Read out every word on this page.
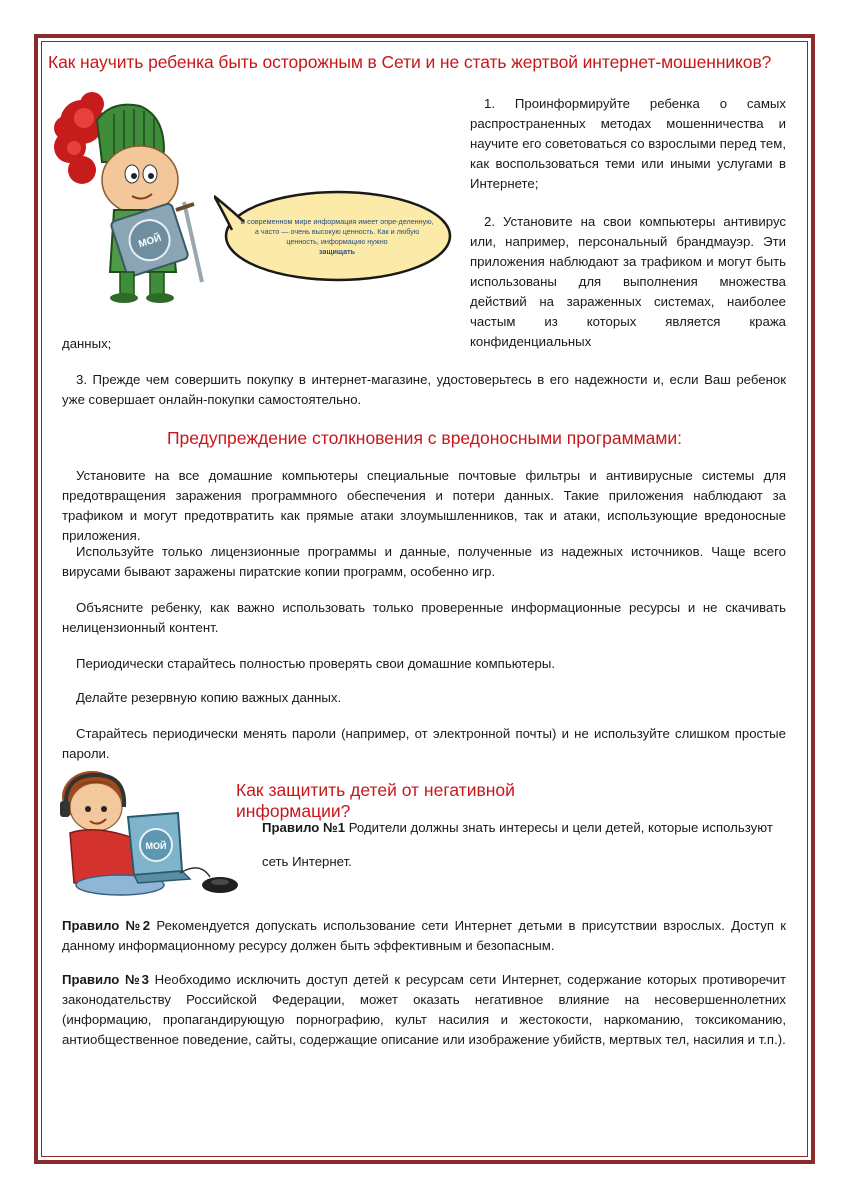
Как научить ребенка быть осторожным в Сети и не стать жертвой интернет-мошенников?
МОЙ
В современном мире информация имеет опре-деленную, а часто — очень высокую ценность. Как и любую ценность, информацию нужно
защищать

1. Проинформируйте ребенка о самых распространенных методах мошенничества и научите его советоваться со взрослыми перед тем, как воспользоваться теми или иными услугами в Интернете;

2. Установите на свои компьютеры антивирус или, например, персональный брандмауэр. Эти приложения наблюдают за трафиком и могут быть использованы для выполнения множества действий на зараженных системах, наиболее частым из которых является кража конфиденциальных

данных;

3. Прежде чем совершить покупку в интернет-магазине, удостоверьтесь в его надежности и, если Ваш ребенок уже совершает онлайн-покупки самостоятельно.

Предупреждение столкновения с вредоносными программами:

Установите на все домашние компьютеры специальные почтовые фильтры и антивирусные системы для предотвращения заражения программного обеспечения и потери данных. Такие приложения наблюдают за трафиком и могут предотвратить как прямые атаки злоумышленников, так и атаки, использующие вредоносные приложения.

Используйте только лицензионные программы и данные, полученные из надежных источников. Чаще всего вирусами бывают заражены пиратские копии программ, особенно игр.

Объясните ребенку, как важно использовать только проверенные информационные ресурсы и не скачивать нелицензионный контент.

Периодически старайтесь полностью проверять свои домашние компьютеры.

Делайте резервную копию важных данных.

Старайтесь периодически менять пароли (например, от электронной почты) и не используйте слишком простые пароли.

Как защитить детей от негативной информации?
МОЙ

Правило №1 Родители должны знать интересы и цели детей, которые используют

сеть Интернет.

Правило №2 Рекомендуется допускать использование сети Интернет детьми в присутствии взрослых. Доступ к данному информационному ресурсу должен быть эффективным и безопасным.

Правило №3 Необходимо исключить доступ детей к ресурсам сети Интернет, содержание которых противоречит законодательству Российской Федерации, может оказать негативное влияние на несовершеннолетних (информацию, пропагандирующую порнографию, культ насилия и жестокости, наркоманию, токсикоманию, антиобщественное поведение, сайты, содержащие описание или изображение убийств, мертвых тел, насилия и т.п.).
